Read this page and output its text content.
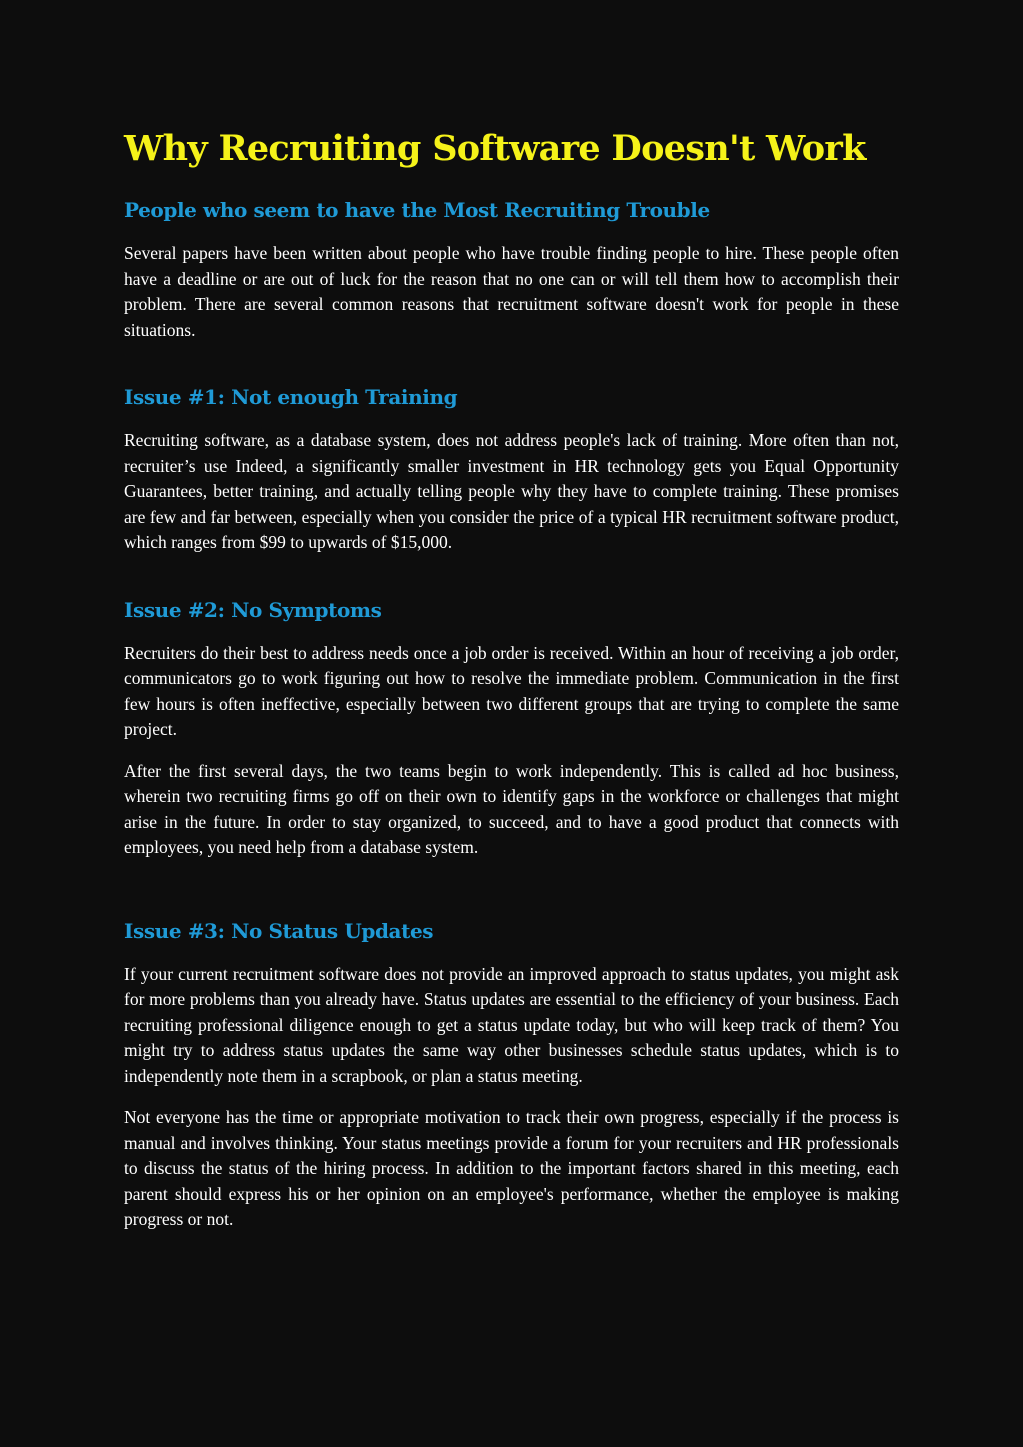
Why Recruiting Software Doesn't Work
People who seem to have the Most Recruiting Trouble

Several papers have been written about people who have trouble finding people to hire. These people often have a deadline or are out of luck for the reason that no one can or will tell them how to accomplish their problem. There are several common reasons that recruitment software doesn't work for people in these situations.

Issue #1: Not enough Training

Recruiting software, as a database system, does not address people's lack of training. More often than not, recruiter’s use Indeed, a significantly smaller investment in HR technology gets you Equal Opportunity Guarantees, better training, and actually telling people why they have to complete training. These promises are few and far between, especially when you consider the price of a typical HR recruitment software product, which ranges from $99 to upwards of $15,000.

Issue #2: No Symptoms

Recruiters do their best to address needs once a job order is received. Within an hour of receiving a job order, communicators go to work figuring out how to resolve the immediate problem. Communication in the first few hours is often ineffective, especially between two different groups that are trying to complete the same project.

After the first several days, the two teams begin to work independently. This is called ad hoc business, wherein two recruiting firms go off on their own to identify gaps in the workforce or challenges that might arise in the future. In order to stay organized, to succeed, and to have a good product that connects with employees, you need help from a database system.

Issue #3: No Status Updates

If your current recruitment software does not provide an improved approach to status updates, you might ask for more problems than you already have. Status updates are essential to the efficiency of your business. Each recruiting professional diligence enough to get a status update today, but who will keep track of them? You might try to address status updates the same way other businesses schedule status updates, which is to independently note them in a scrapbook, or plan a status meeting.

Not everyone has the time or appropriate motivation to track their own progress, especially if the process is manual and involves thinking. Your status meetings provide a forum for your recruiters and HR professionals to discuss the status of the hiring process. In addition to the important factors shared in this meeting, each parent should express his or her opinion on an employee's performance, whether the employee is making progress or not.
